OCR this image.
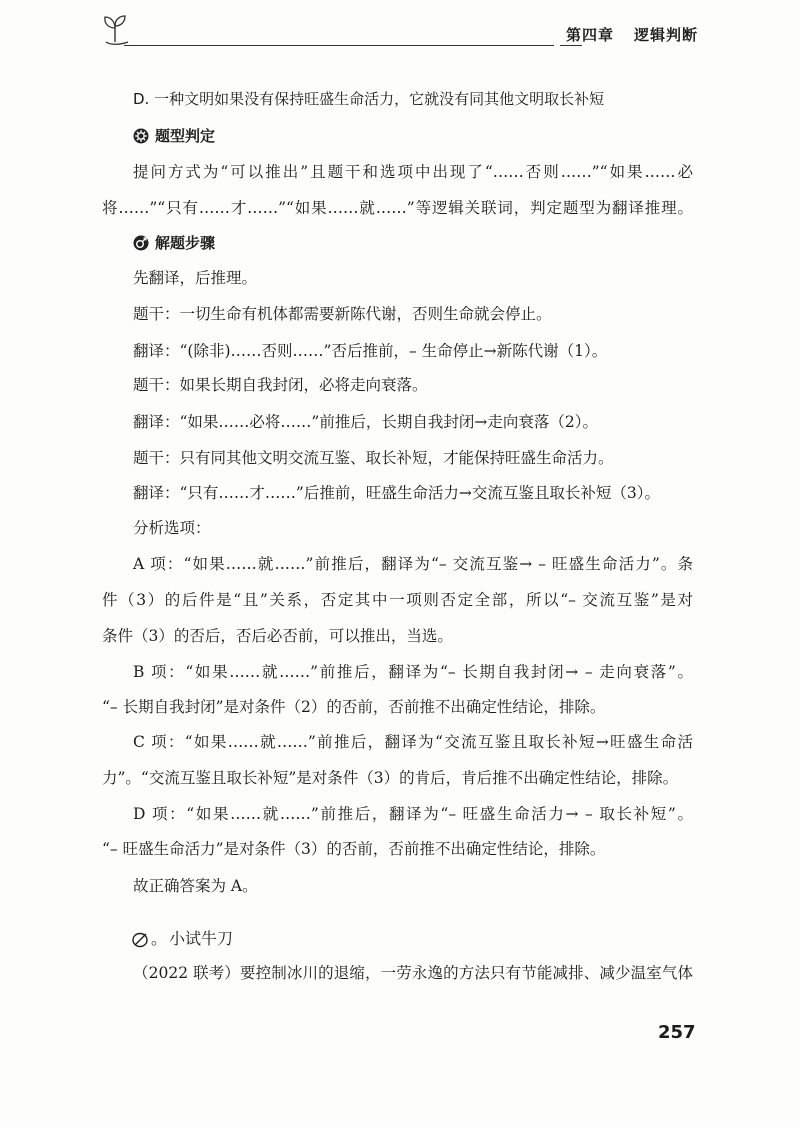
第四章 逻辑判断
D. 一种文明如果没有保持旺盛生命活力，它就没有同其他文明取长补短
题型判定
提问方式为“可以推出”且题干和选项中出现了“……否则……”“如果……必
将……”“只有……才……”“如果……就……”等逻辑关联词，判定题型为翻译推理。
解题步骤
先翻译，后推理。
题干：一切生命有机体都需要新陈代谢，否则生命就会停止。
翻译：“(除非)……否则……”否后推前，– 生命停止→新陈代谢（1）。
题干：如果长期自我封闭，必将走向衰落。
翻译：“如果……必将……”前推后，长期自我封闭→走向衰落（2）。
题干：只有同其他文明交流互鉴、取长补短，才能保持旺盛生命活力。
翻译：“只有……才……”后推前，旺盛生命活力→交流互鉴且取长补短（3）。
分析选项：
A 项：“如果……就……”前推后，翻译为“– 交流互鉴→ – 旺盛生命活力”。条
件（3）的后件是“且”关系，否定其中一项则否定全部，所以“– 交流互鉴”是对
条件（3）的否后，否后必否前，可以推出，当选。
B 项：“如果……就……”前推后，翻译为“– 长期自我封闭→ – 走向衰落”。
“– 长期自我封闭”是对条件（2）的否前，否前推不出确定性结论，排除。
C 项：“如果……就……”前推后，翻译为“交流互鉴且取长补短→旺盛生命活
力”。“交流互鉴且取长补短”是对条件（3）的肯后，肯后推不出确定性结论，排除。
D 项：“如果……就……”前推后，翻译为“– 旺盛生命活力→ – 取长补短”。
“– 旺盛生命活力”是对条件（3）的否前，否前推不出确定性结论，排除。
故正确答案为 A。
。 小试牛刀
（2022 联考）要控制冰川的退缩，一劳永逸的方法只有节能减排、减少温室气体
257
